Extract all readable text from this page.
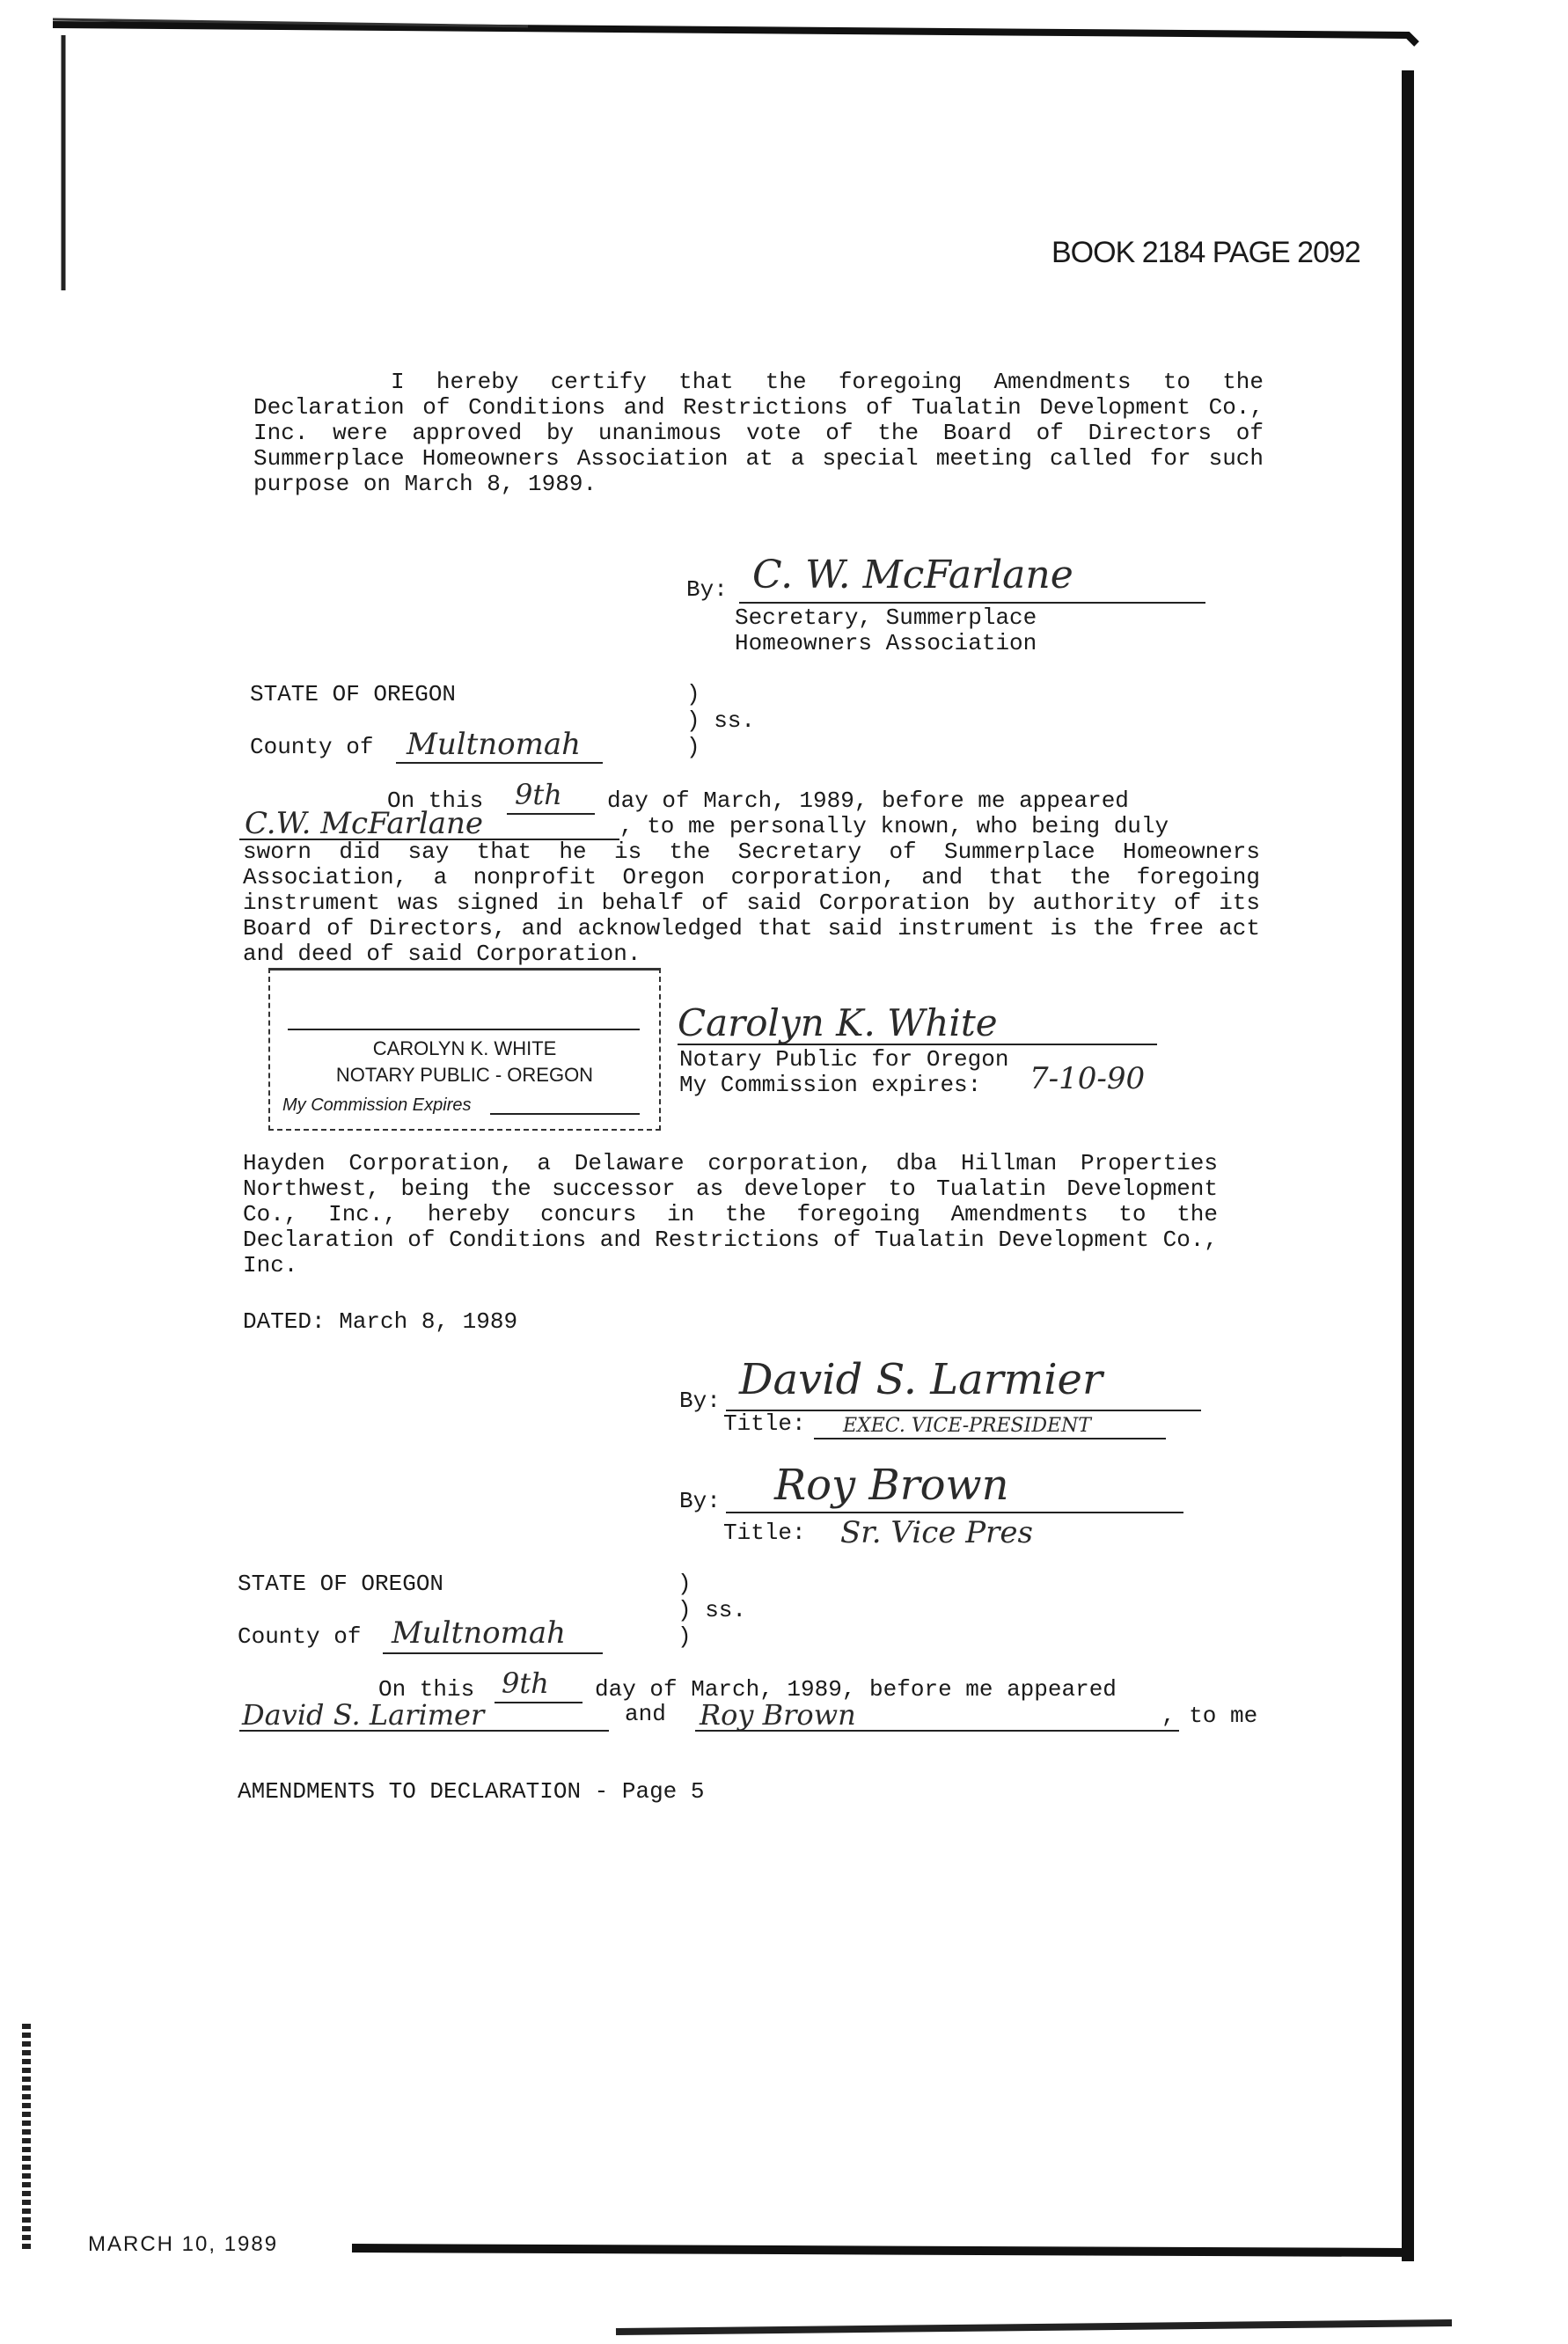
BOOK 2184 PAGE 2092
I hereby certify that the foregoing Amendments to the Declaration of Conditions and Restrictions of Tualatin Development Co., Inc. were approved by unanimous vote of the Board of Directors of Summerplace Homeowners Association at a special meeting called for such purpose on March 8, 1989.
By: C. W. McFarlane
Secretary, Summerplace
Homeowners Association
STATE OF OREGON	)
) ss.
)
County of Multnomah
On this 9th day of March, 1989, before me appeared
C.W. McFarlane	, to me personally known, who being duly
sworn did say that he is the Secretary of Summerplace Homeowners Association, a nonprofit Oregon corporation, and that the foregoing instrument was signed in behalf of said Corporation by authority of its Board of Directors, and acknowledged that said instrument is the free act and deed of said Corporation.
CAROLYN K. WHITE
NOTARY PUBLIC - OREGON
My Commission Expires
Carolyn K. White
Notary Public for Oregon
My Commission expires: 7-10-90
Hayden Corporation, a Delaware corporation, dba Hillman Properties Northwest, being the successor as developer to Tualatin Development Co., Inc., hereby concurs in the foregoing Amendments to the Declaration of Conditions and Restrictions of Tualatin Development Co., Inc.
DATED: March 8, 1989
By: David S. Larmier
Title: EXEC. VICE-PRESIDENT
By: Roy Brown
Title: Sr. Vice Pres
STATE OF OREGON	)
) ss.
)
County of Multnomah
On this 9th day of March, 1989, before me appeared
David S. Larimer	and Roy Brown	, to me
AMENDMENTS TO DECLARATION - Page 5
MARCH 10, 1989
